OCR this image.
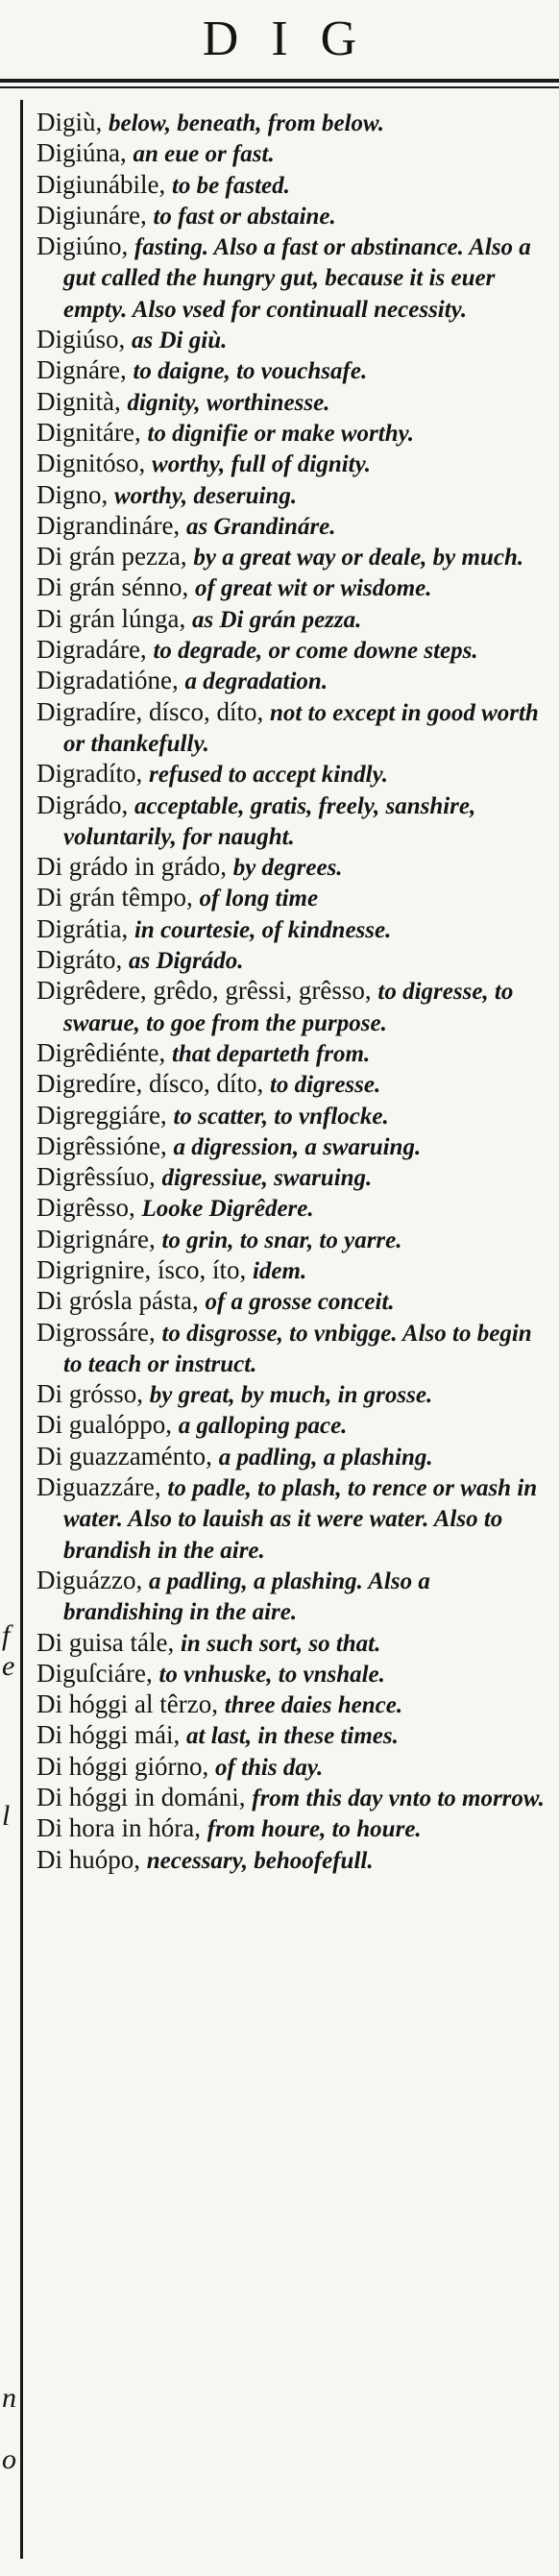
DIG
f
e
l
n
o
Digiù, below, beneath, from below.
Digiúna, an eue or fast.
Digiunábile, to be fasted.
Digiunáre, to fast or abstaine.
Digiúno, fasting. Also a fast or abstinance. Also a gut called the hungry gut, because it is euer empty. Also vsed for continuall necessity.
Digiúso, as Di giù.
Dignáre, to daigne, to vouchsafe.
Dignità, dignity, worthinesse.
Dignitáre, to dignifie or make worthy.
Dignitóso, worthy, full of dignity.
Digno, worthy, deseruing.
Digrandináre, as Grandináre.
Di grán pezza, by a great way or deale, by much.
Di grán sénno, of great wit or wisdome.
Di grán lúnga, as Di grán pezza.
Digradáre, to degrade, or come downe steps.
Digradatióne, a degradation.
Digradíre, dísco, díto, not to except in good worth or thankefully.
Digradíto, refused to accept kindly.
Digrádo, acceptable, gratis, freely, sanshire, voluntarily, for naught.
Di grádo in grádo, by degrees.
Di grán têmpo, of long time
Digrátia, in courtesie, of kindnesse.
Digráto, as Digrádo.
Digrêdere, grêdo, grêssi, grêsso, to digresse, to swarue, to goe from the purpose.
Digrêdiénte, that departeth from.
Digredíre, dísco, díto, to digresse.
Digreggiáre, to scatter, to vnflocke.
Digrêssióne, a digression, a swaruing.
Digrêssíuo, digressiue, swaruing.
Digrêsso, Looke Digrêdere.
Digrignáre, to grin, to snar, to yarre.
Digrignire, ísco, íto, idem.
Di grósla pásta, of a grosse conceit.
Digrossáre, to disgrosse, to vnbigge. Also to begin to teach or instruct.
Di grósso, by great, by much, in grosse.
Di gualóppo, a galloping pace.
Di guazzaménto, a padling, a plashing.
Diguazzáre, to padle, to plash, to rence or wash in water. Also to lauish as it were water. Also to brandish in the aire.
Diguázzo, a padling, a plashing. Also a brandishing in the aire.
Di guisa tále, in such sort, so that.
Diguſciáre, to vnhuske, to vnshale.
Di hóggi al têrzo, three daies hence.
Di hóggi mái, at last, in these times.
Di hóggi giórno, of this day.
Di hóggi in dománi, from this day vnto to morrow.
Di hora in hóra, from houre, to houre.
Di huópo, necessary, behoofefull.
